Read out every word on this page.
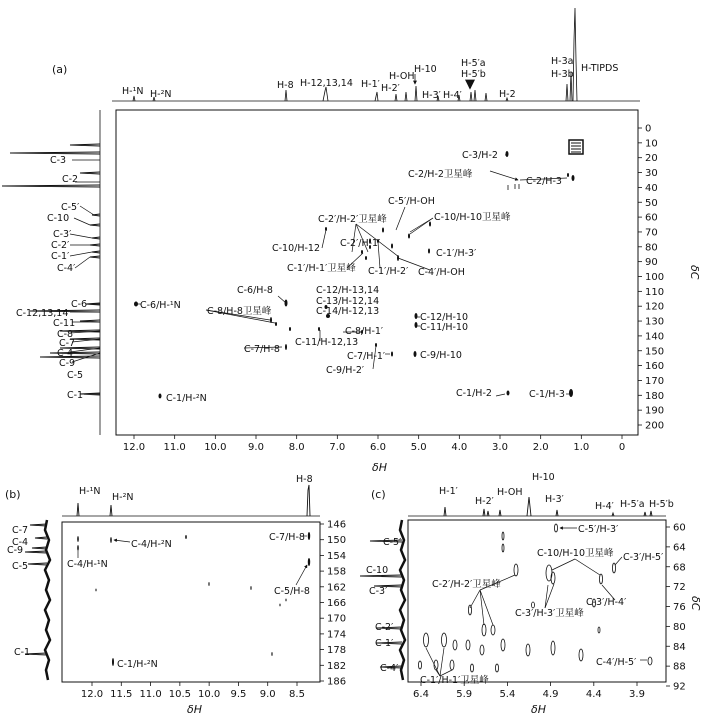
(a)
H-¹N H-²N
H-8 H-12,13,14 H-1′ H-2′
H-OH
H-10
H-3′ H-4′
H-5′a
H-5′b
H-2
H-3a
H-3b
H-TIPDS
C-3
C-2
C-5′
C-10
C-3′
C-2′
C-1′
C-4′
C-6
C-12,13,14
C-11
C-8
C-7
C-4
C-9
C-5
C-1
12.0 11.0 10.0 9.0 8.0 7.0 6.0 5.0 4.0 3.0 2.0 1.0	0
0
10
20
30
40
50
60
70
80
90
100
110
120
130
140
150
160
170
180
190
200
δH
δC
C-3/H-2
C-2/H-2卫星峰
C-2/H-3
C-5′/H-OH
C-2′/H-2′卫星峰	C-10/H-10卫星峰
C-2′/H-1′
C-10/H-12	C-1′/H-3′
C-1′/H-1′卫星峰 C-1′/H-2′ C-4′/H-OH
C-6/H-8
C-6/H-¹N
C-8/H-8卫星峰
C-12/H-13,14
C-13/H-12,14
C-14/H-12,13
C-12/H-10
C-11/H-10
C-8/H-1′
C-11/H-12,13
C-7/H-8
C-7/H-1′	C-9/H-10
C-9/H-2′
C-1/H-²N	C-1/H-2	C-1/H-3
(b)	H-¹N
H-²N
H-8
C-7
C-4
C-9
C-5
C-1
12.0 11.5 11.0 10.5 10.0 9.5 9.0 8.5
146
150
154
158
162
166
170
174
178
182
186
δH
C-4/H-²N
C-4/H-¹N
C-7/H-8
C-5/H-8
C-1/H-²N
(c)	H-1′
H-2′
H-OH
H-10
H-3′
H-4′ H-5′a H-5′b
C-5′
C-10
C-3′
C-2′
C-1′
C-4′
6.4	5.9	5.4	4.9	4.4	3.9
60
64
68
72
76
80
84
88
92
δH
δC
C-5′/H-3′
C-10/H-10卫星峰 C-3′/H-5′
C-2′/H-2′卫星峰
C-3′/H-3′卫星峰
C-3′/H-4′
C-4′/H-5′
C-1′/H-1′卫星峰
